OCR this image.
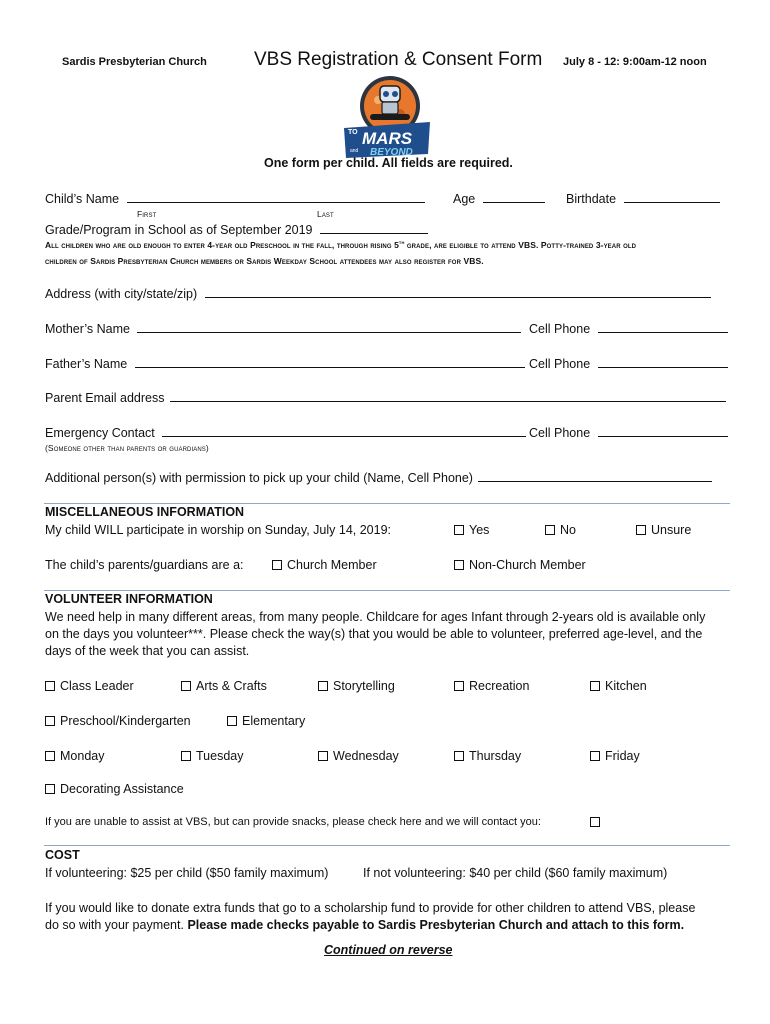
Sardis Presbyterian Church VBS Registration & Consent Form July 8 - 12: 9:00am-12 noon
TO MARS
and BEYOND
One form per child. All fields are required.
Child’s Name	Age	Birthdate
First	Last
Grade/Program in School as of September 2019
All children who are old enough to enter 4-year old Preschool in the fall, through rising 5th grade, are eligible to attend VBS. Potty-trained 3-year old
children of Sardis Presbyterian Church members or Sardis Weekday School attendees may also register for VBS.
Address (with city/state/zip)
Mother’s Name	Cell Phone
Father’s Name	Cell Phone
Parent Email address
Emergency Contact	Cell Phone
(Someone other than parents or guardians)
Additional person(s) with permission to pick up your child (Name, Cell Phone)
MISCELLANEOUS INFORMATION
My child WILL participate in worship on Sunday, July 14, 2019:	Yes	No	Unsure
The child’s parents/guardians are a:	Church Member	Non-Church Member
VOLUNTEER INFORMATION
We need help in many different areas, from many people. Childcare for ages Infant through 2-years old is available only
on the days you volunteer***. Please check the way(s) that you would be able to volunteer, preferred age-level, and the
days of the week that you can assist.
Class Leader	Arts & Crafts	Storytelling	Recreation	Kitchen
Preschool/Kindergarten	Elementary
Monday	Tuesday	Wednesday	Thursday	Friday
Decorating Assistance
If you are unable to assist at VBS, but can provide snacks, please check here and we will contact you:
COST
If volunteering: $25 per child ($50 family maximum)	If not volunteering: $40 per child ($60 family maximum)
If you would like to donate extra funds that go to a scholarship fund to provide for other children to attend VBS, please
do so with your payment. Please made checks payable to Sardis Presbyterian Church and attach to this form.
Continued on reverse
